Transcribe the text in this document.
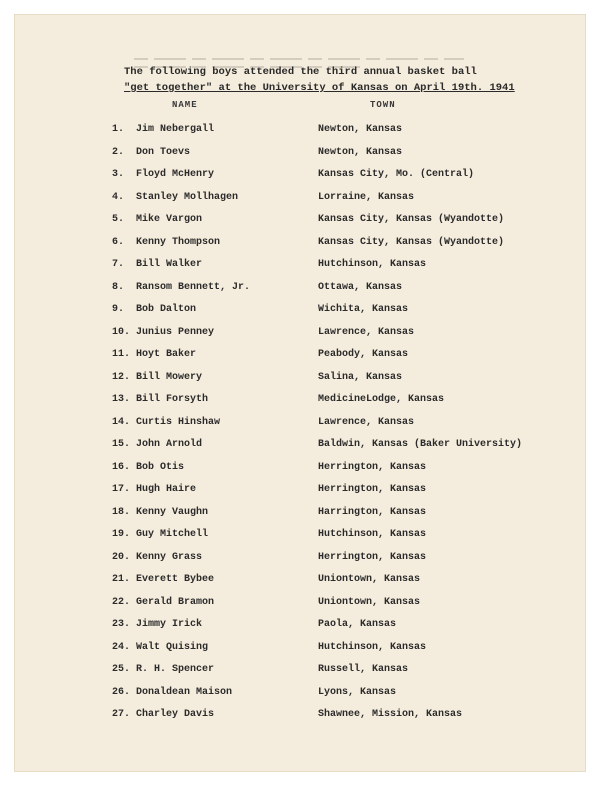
The following boys attended the third annual basket ball
"get together" at the University of Kansas on April 19th. 1941
NAME	TOWN
1.	Jim Nebergall	Newton, Kansas
2.	Don Toevs	Newton, Kansas
3.	Floyd McHenry	Kansas City, Mo. (Central)
4.	Stanley Mollhagen	Lorraine, Kansas
5.	Mike Vargon	Kansas City, Kansas (Wyandotte)
6.	Kenny Thompson	Kansas City, Kansas (Wyandotte)
7.	Bill Walker	Hutchinson, Kansas
8.	Ransom Bennett, Jr.	Ottawa, Kansas
9.	Bob Dalton	Wichita, Kansas
10. Junius Penney	Lawrence, Kansas
11. Hoyt Baker	Peabody, Kansas
12. Bill Mowery	Salina, Kansas
13. Bill Forsyth	MedicineLodge, Kansas
14. Curtis Hinshaw	Lawrence, Kansas
15. John Arnold	Baldwin, Kansas (Baker University)
16. Bob Otis	Herrington, Kansas
17. Hugh Haire	Herrington, Kansas
18. Kenny Vaughn	Harrington, Kansas
19. Guy Mitchell	Hutchinson, Kansas
20. Kenny Grass	Herrington, Kansas
21. Everett Bybee	Uniontown, Kansas
22. Gerald Bramon	Uniontown, Kansas
23. Jimmy Irick	Paola, Kansas
24. Walt Quising	Hutchinson, Kansas
25. R. H. Spencer	Russell, Kansas
26. Donaldean Maison	Lyons, Kansas
27. Charley Davis	Shawnee, Mission, Kansas
